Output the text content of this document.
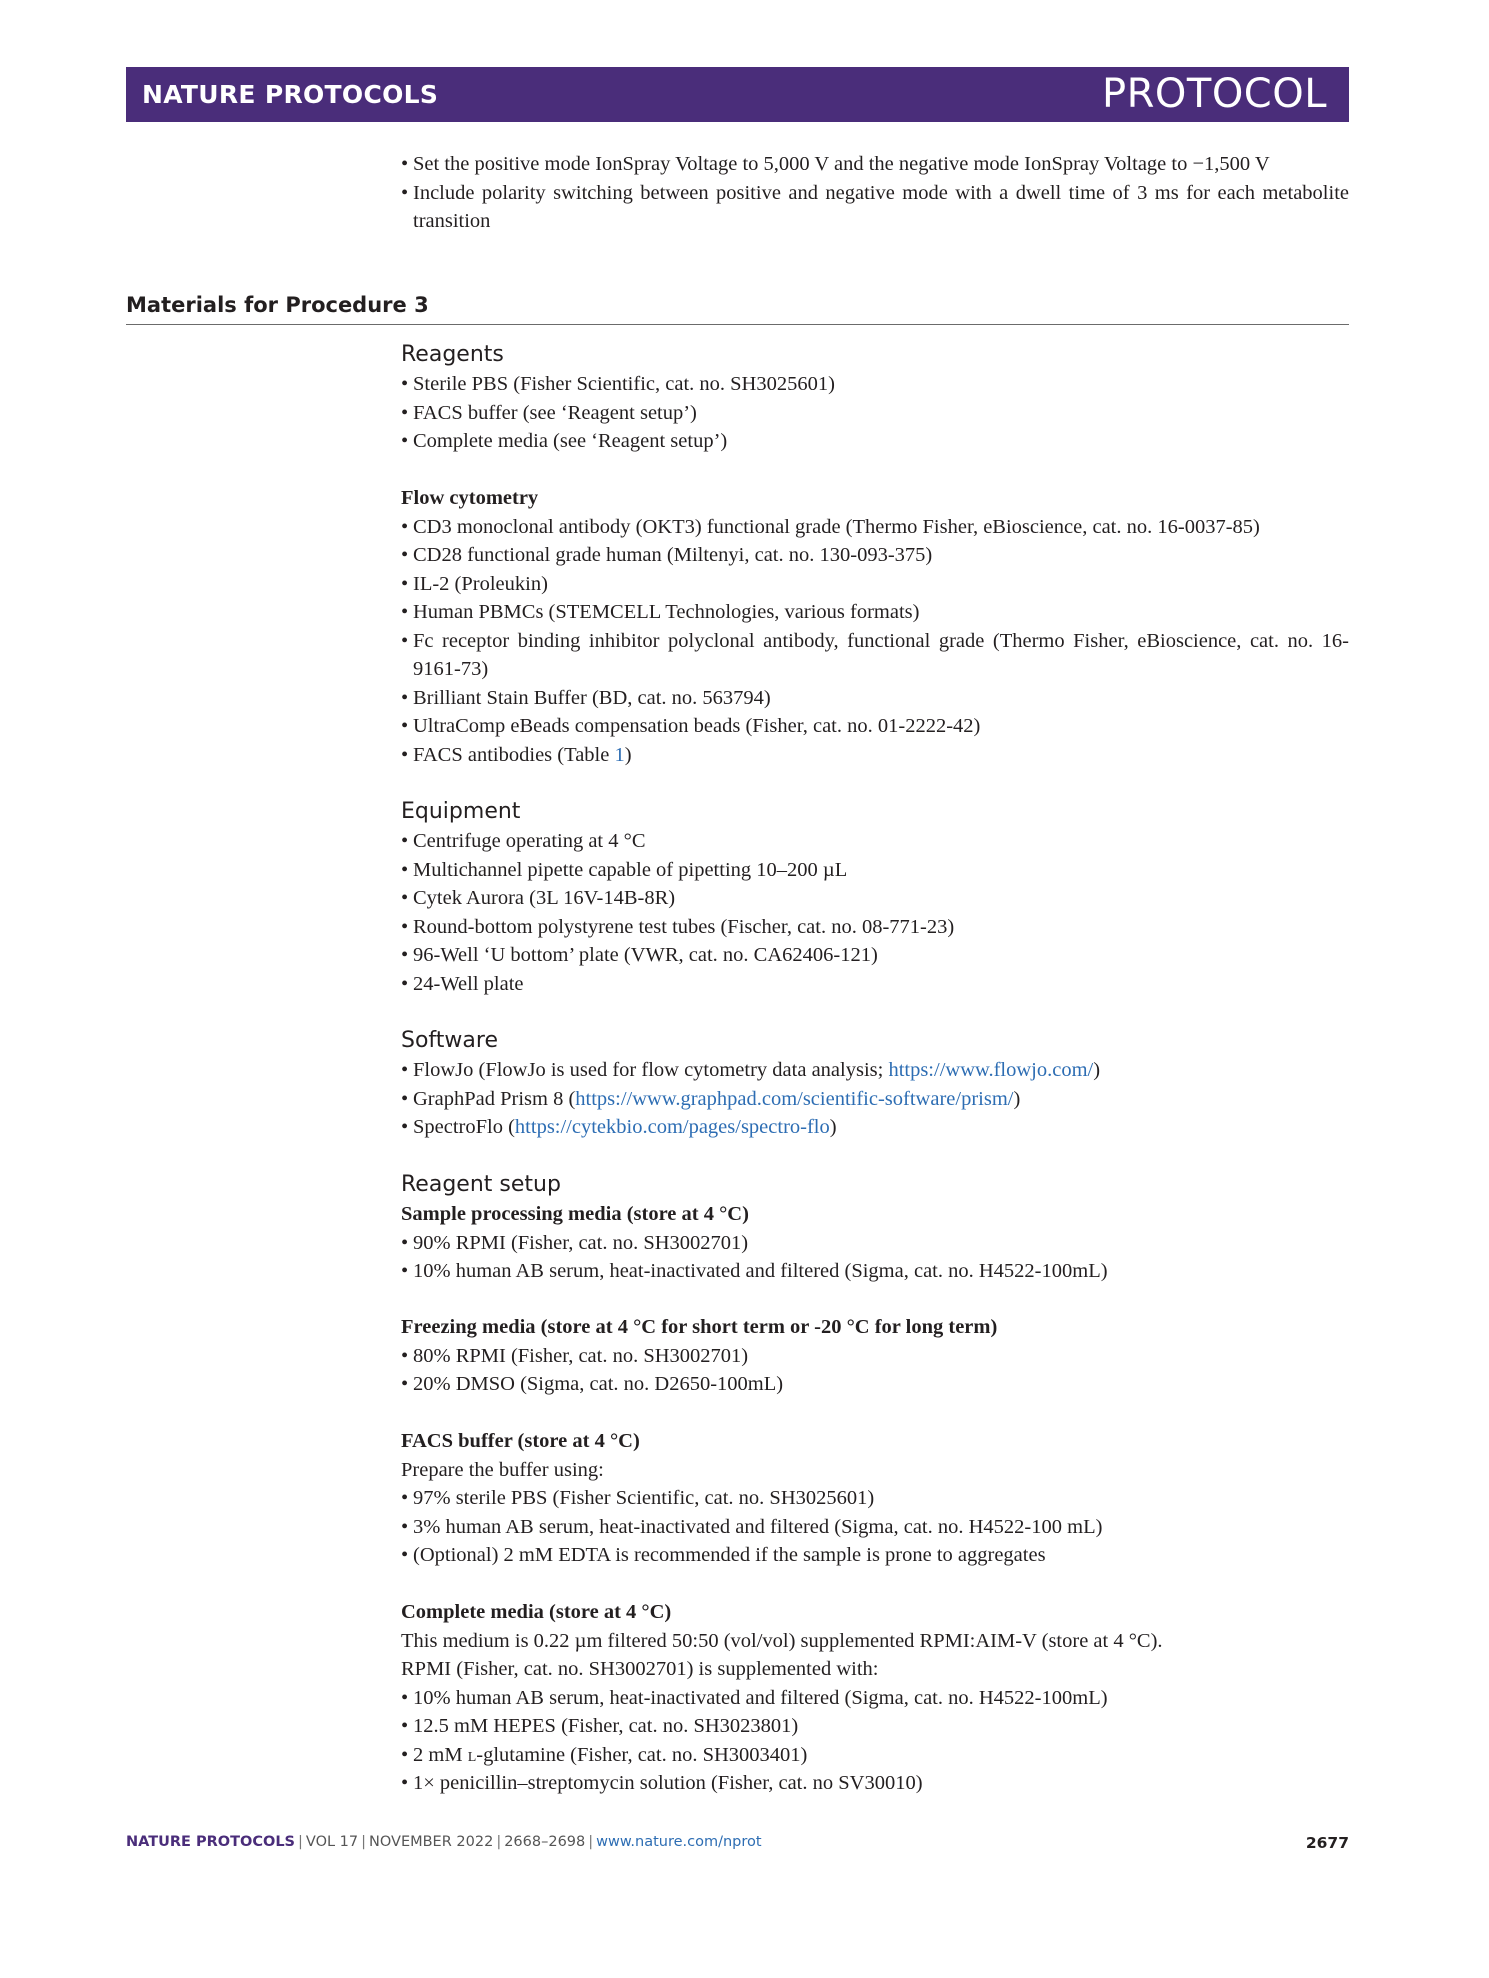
NATURE PROTOCOLS	PROTOCOL
• Set the positive mode IonSpray Voltage to 5,000 V and the negative mode IonSpray Voltage to −1,500 V
• Include polarity switching between positive and negative mode with a dwell time of 3 ms for each metabolite transition
Materials for Procedure 3
Reagents
• Sterile PBS (Fisher Scientific, cat. no. SH3025601)
• FACS buffer (see ‘Reagent setup’)
• Complete media (see ‘Reagent setup’)

Flow cytometry

• CD3 monoclonal antibody (OKT3) functional grade (Thermo Fisher, eBioscience, cat. no. 16-0037-85)
• CD28 functional grade human (Miltenyi, cat. no. 130-093-375)
• IL-2 (Proleukin)
• Human PBMCs (STEMCELL Technologies, various formats)
• Fc receptor binding inhibitor polyclonal antibody, functional grade (Thermo Fisher, eBioscience, cat. no. 16-9161-73)
• Brilliant Stain Buffer (BD, cat. no. 563794)
• UltraComp eBeads compensation beads (Fisher, cat. no. 01-2222-42)
• FACS antibodies (Table 1)
Equipment
• Centrifuge operating at 4 °C
• Multichannel pipette capable of pipetting 10–200 µL
• Cytek Aurora (3L 16V-14B-8R)
• Round-bottom polystyrene test tubes (Fischer, cat. no. 08-771-23)
• 96-Well ‘U bottom’ plate (VWR, cat. no. CA62406-121)
• 24-Well plate
Software
• FlowJo (FlowJo is used for flow cytometry data analysis; https://www.flowjo.com/)
• GraphPad Prism 8 (https://www.graphpad.com/scientific-software/prism/)
• SpectroFlo (https://cytekbio.com/pages/spectro-flo)
Reagent setup

Sample processing media (store at 4 °C)

• 90% RPMI (Fisher, cat. no. SH3002701)
• 10% human AB serum, heat-inactivated and filtered (Sigma, cat. no. H4522-100mL)

Freezing media (store at 4 °C for short term or -20 °C for long term)

• 80% RPMI (Fisher, cat. no. SH3002701)
• 20% DMSO (Sigma, cat. no. D2650-100mL)

FACS buffer (store at 4 °C)

Prepare the buffer using:

• 97% sterile PBS (Fisher Scientific, cat. no. SH3025601)
• 3% human AB serum, heat-inactivated and filtered (Sigma, cat. no. H4522-100 mL)
• (Optional) 2 mM EDTA is recommended if the sample is prone to aggregates

Complete media (store at 4 °C)

This medium is 0.22 µm filtered 50:50 (vol/vol) supplemented RPMI:AIM-V (store at 4 °C).

RPMI (Fisher, cat. no. SH3002701) is supplemented with:

• 10% human AB serum, heat-inactivated and filtered (Sigma, cat. no. H4522-100mL)
• 12.5 mM HEPES (Fisher, cat. no. SH3023801)
• 2 mM l-glutamine (Fisher, cat. no. SH3003401)
• 1× penicillin–streptomycin solution (Fisher, cat. no SV30010)
NATURE PROTOCOLS | VOL 17 | NOVEMBER 2022 | 2668–2698 | www.nature.com/nprot	2677
